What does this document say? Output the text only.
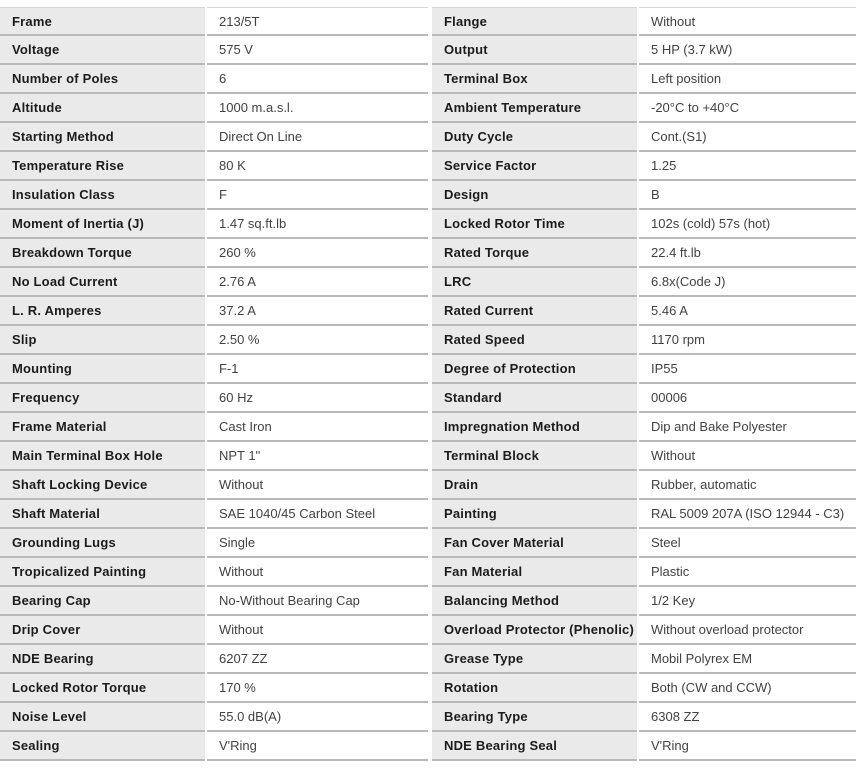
Frame	213/5T
Voltage	575 V
Number of Poles	6
Altitude	1000 m.a.s.l.
Starting Method	Direct On Line
Temperature Rise	80 K
Insulation Class	F
Moment of Inertia (J)	1.47 sq.ft.lb
Breakdown Torque	260 %
No Load Current	2.76 A
L. R. Amperes	37.2 A
Slip	2.50 %
Mounting	F-1
Frequency	60 Hz
Frame Material	Cast Iron
Main Terminal Box Hole	NPT 1"
Shaft Locking Device	Without
Shaft Material	SAE 1040/45 Carbon Steel
Grounding Lugs	Single
Tropicalized Painting	Without
Bearing Cap	No-Without Bearing Cap
Drip Cover	Without
NDE Bearing	6207 ZZ
Locked Rotor Torque	170 %
Noise Level	55.0 dB(A)
Sealing	V'Ring
Flange	Without
Output	5 HP (3.7 kW)
Terminal Box	Left position
Ambient Temperature	-20°C to +40°C
Duty Cycle	Cont.(S1)
Service Factor	1.25
Design	B
Locked Rotor Time	102s (cold) 57s (hot)
Rated Torque	22.4 ft.lb
LRC	6.8x(Code J)
Rated Current	5.46 A
Rated Speed	1170 rpm
Degree of Protection	IP55
Standard	00006
Impregnation Method	Dip and Bake Polyester
Terminal Block	Without
Drain	Rubber, automatic
Painting	RAL 5009 207A (ISO 12944 - C3)
Fan Cover Material	Steel
Fan Material	Plastic
Balancing Method	1/2 Key
Overload Protector (Phenolic)	Without overload protector
Grease Type	Mobil Polyrex EM
Rotation	Both (CW and CCW)
Bearing Type	6308 ZZ
NDE Bearing Seal	V'Ring
